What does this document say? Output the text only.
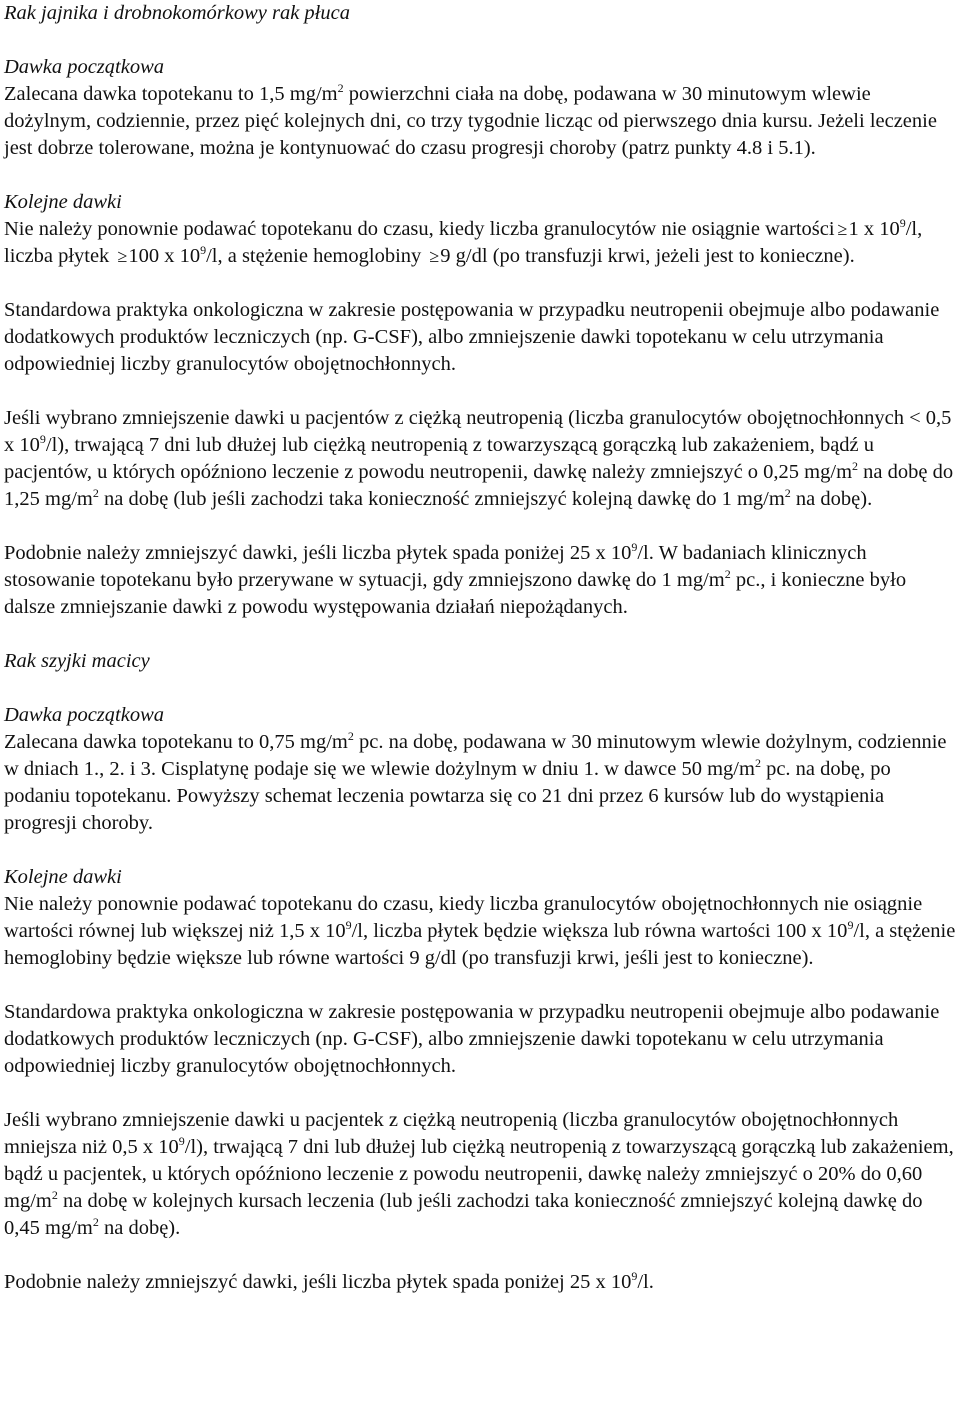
Rak jajnika i drobnokomórkowy rak płuca

Dawka początkowa
Zalecana dawka topotekanu to 1,5 $mg/m^2$ powierzchni ciała na dobę, podawana w 30 minutowym wlewie dożylnym, codziennie, przez pięć kolejnych dni, co trzy tygodnie licząc od pierwszego dnia kursu. Jeżeli leczenie jest dobrze tolerowane, można je kontynuować do czasu progresji choroby (patrz punkty 4.8 i 5.1).

Kolejne dawki
Nie należy ponownie podawać topotekanu do czasu, kiedy liczba granulocytów nie osiągnie wartości ≥1 x $10^9/l$, liczba płytek ≥100 x $10^9/l$, a stężenie hemoglobiny ≥9 g/dl (po transfuzji krwi, jeżeli jest to konieczne).

Standardowa praktyka onkologiczna w zakresie postępowania w przypadku neutropenii obejmuje albo podawanie dodatkowych produktów leczniczych (np. G-CSF), albo zmniejszenie dawki topotekanu w celu utrzymania odpowiedniej liczby granulocytów obojętnochłonnych.

Jeśli wybrano zmniejszenie dawki u pacjentów z ciężką neutropenią (liczba granulocytów obojętnochłonnych < 0,5 x $10^9/l$), trwającą 7 dni lub dłużej lub ciężką neutropenią z towarzyszącą gorączką lub zakażeniem, bądź u pacjentów, u których opóźniono leczenie z powodu neutropenii, dawkę należy zmniejszyć o 0,25 $mg/m^2$ na dobę do 1,25 $mg/m^2$ na dobę (lub jeśli zachodzi taka konieczność zmniejszyć kolejną dawkę do 1 $mg/m^2$ na dobę).

Podobnie należy zmniejszyć dawki, jeśli liczba płytek spada poniżej 25 x $10^9/l$. W badaniach klinicznych stosowanie topotekanu było przerywane w sytuacji, gdy zmniejszono dawkę do 1 $mg/m^2$ pc., i konieczne było dalsze zmniejszanie dawki z powodu występowania działań niepożądanych.

Rak szyjki macicy

Dawka początkowa
Zalecana dawka topotekanu to 0,75 $mg/m^2$ pc. na dobę, podawana w 30 minutowym wlewie dożylnym, codziennie w dniach 1., 2. i 3. Cisplatynę podaje się we wlewie dożylnym w dniu 1. w dawce 50 $mg/m^2$ pc. na dobę, po podaniu topotekanu. Powyższy schemat leczenia powtarza się co 21 dni przez 6 kursów lub do wystąpienia progresji choroby.

Kolejne dawki
Nie należy ponownie podawać topotekanu do czasu, kiedy liczba granulocytów obojętnochłonnych nie osiągnie wartości równej lub większej niż 1,5 x $10^9/l$, liczba płytek będzie większa lub równa wartości 100 x $10^9/l$, a stężenie hemoglobiny będzie większe lub równe wartości 9 g/dl (po transfuzji krwi, jeśli jest to konieczne).

Standardowa praktyka onkologiczna w zakresie postępowania w przypadku neutropenii obejmuje albo podawanie dodatkowych produktów leczniczych (np. G-CSF), albo zmniejszenie dawki topotekanu w celu utrzymania odpowiedniej liczby granulocytów obojętnochłonnych.

Jeśli wybrano zmniejszenie dawki u pacjentek z ciężką neutropenią (liczba granulocytów obojętnochłonnych mniejsza niż 0,5 x $10^9/l$), trwającą 7 dni lub dłużej lub ciężką neutropenią z towarzyszącą gorączką lub zakażeniem, bądź u pacjentek, u których opóźniono leczenie z powodu neutropenii, dawkę należy zmniejszyć o 20% do 0,60 $mg/m^2$ na dobę w kolejnych kursach leczenia (lub jeśli zachodzi taka konieczność zmniejszyć kolejną dawkę do 0,45 $mg/m^2$ na dobę).

Podobnie należy zmniejszyć dawki, jeśli liczba płytek spada poniżej 25 x $10^9/l$.
